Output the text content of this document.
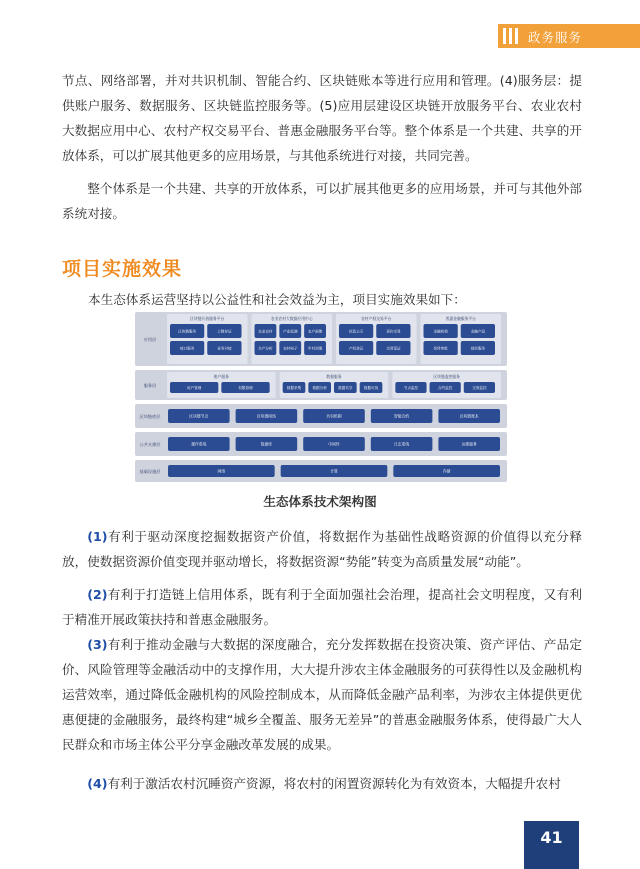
政务服务
节点、网络部署，并对共识机制、智能合约、区块链账本等进行应用和管理。(4)服务层：提供账户服务、数据服务、区块链监控服务等。(5)应用层建设区块链开放服务平台、农业农村大数据应用中心、农村产权交易平台、普惠金融服务平台等。整个体系是一个共建、共享的开放体系，可以扩展其他更多的应用场景，与其他系统进行对接，共同完善。
整个体系是一个共建、共享的开放体系，可以扩展其他更多的应用场景，并可与其他外部系统对接。
项目实施效果
本生态体系运营坚持以公益性和社会效益为主，项目实施效果如下：
应用层
区块链开放服务平台
区块链服务	上链存证
接口服务	业务对接
农业农村大数据应用中心
农业农村	产业监测	农户画像
生产分析	农村电子	乡村治理
农村产权交易平台
信息公示	竞价交易
产权登记	交易鉴证
普惠金融服务平台
金融机构	金融产品
信贷审批	授信服务
服务层
账户服务
用户管理	权限管理
数据服务
数据采集	数据分析	数据共享	数据可视
区块链监控服务
节点监控	合约监控	交易监控
区块链底层	区块链节点	区块链网络	共识机制	智能合约	区块链账本
公共支撑层	操作系统	数据库	中间件	日志系统	运维服务
基础设施层	网络	计算	存储
生态体系技术架构图
(1)有利于驱动深度挖掘数据资产价值，将数据作为基础性战略资源的价值得以充分释放，使数据资源价值变现并驱动增长，将数据资源“势能”转变为高质量发展“动能”。
(2)有利于打造链上信用体系，既有利于全面加强社会治理，提高社会文明程度，又有利于精准开展政策扶持和普惠金融服务。
(3)有利于推动金融与大数据的深度融合，充分发挥数据在投资决策、资产评估、产品定价、风险管理等金融活动中的支撑作用，大大提升涉农主体金融服务的可获得性以及金融机构运营效率，通过降低金融机构的风险控制成本，从而降低金融产品利率，为涉农主体提供更优惠便捷的金融服务，最终构建“城乡全覆盖、服务无差异”的普惠金融服务体系，使得最广大人民群众和市场主体公平分享金融改革发展的成果。
(4)有利于激活农村沉睡资产资源，将农村的闲置资源转化为有效资本，大幅提升农村
41
